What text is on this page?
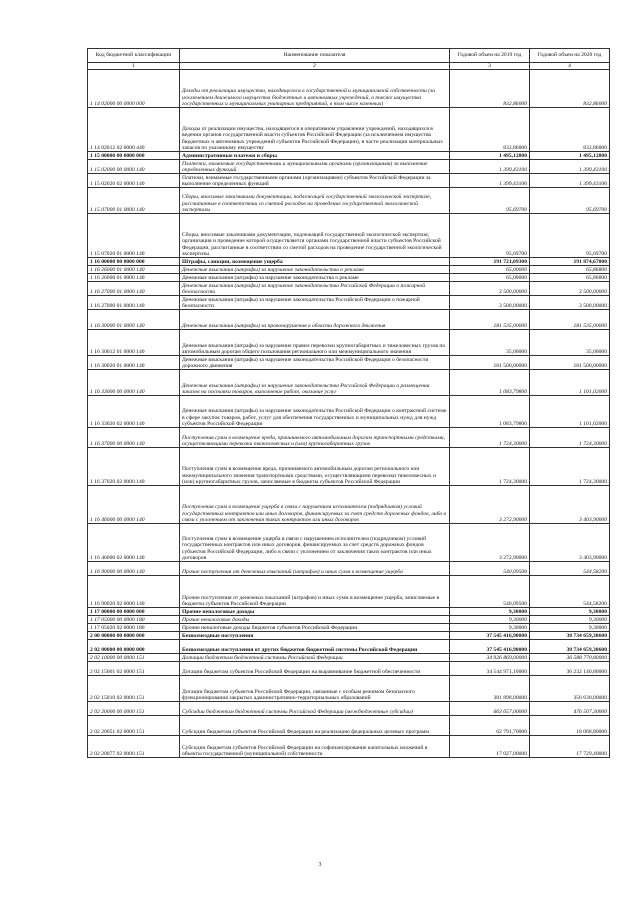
Код бюджетной классификации	Наименование показателя	Годовой объем на 2019 год	Годовой объем на 2020 год
1	2	3	4
1 14 02000 00 0000 000	Доходы от реализации имущества, находящегося в государственной и муниципальной собственности (за исключением движимого имущества бюджетных и автономных учреждений, а также имущества государственных и муниципальных унитарных предприятий, в том числе казенных)	832,86000	832,86000
1 14 02012 02 0000 440	Доходы от реализации имущества, находящегося в оперативном управлении учреждений, находящихся в ведении органов государственной власти субъектов Российской Федерации (за исключением имущества бюджетных и автономных учреждений субъектов Российской Федерации), в части реализации материальных запасов по указанному имуществу	832,86000	832,86000
1 15 00000 00 0000 000	Административные платежи и сборы	1 495,12800	1 495,12800
1 15 02000 00 0000 140	Платежи, взимаемые государственными и муниципальными органами (организациями) за выполнение определенных функций	1 399,43100	1 399,43100
1 15 02020 02 0000 140	Платежи, взимаемые государственными органами (организациями) субъектов Российской Федерации за выполнение определенных функций	1 399,43100	1 399,43100
1 15 07000 01 0000 140	Сборы, вносимые заказчиками документации, подлежащей государственной экологической экспертизе, рассчитанные в соответствии со сметой расходов на проведение государственной экологической экспертизы	95,69700	95,69700
1 15 07020 01 0000 140	Сборы, вносимые заказчиками документации, подлежащей государственной экологической экспертизе, организация и проведение которой осуществляется органами государственной власти субъектов Российской Федерации, рассчитанные в соответствии со сметой расходов на проведение государственной экологической экспертизы	95,69700	95,69700
1 16 00000 00 0000 000	Штрафы, санкции, возмещение ущерба	191 721,09300	191 874,67000
1 16 26000 01 0000 140	Денежные взыскания (штрафы) за нарушение законодательства о рекламе	65,00000	65,86800
1 16 26000 01 0000 140	Денежные взыскания (штрафы) за нарушение законодательства о рекламе	65,00000	65,86800
1 16 27000 01 0000 140	Денежные взыскания (штрафы) за нарушение законодательства Российской Федерации о пожарной безопасности	3 500,00000	3 500,00000
1 16 27000 01 0000 140	Денежные взыскания (штрафы) за нарушение законодательства Российской Федерации о пожарной безопасности	3 500,00000	3 500,00000
1 16 30000 01 0000 140	Денежные взыскания (штрафы) за правонарушения в области дорожного движения	181 535,00000	181 535,00000
1 16 30012 01 0000 140	Денежные взыскания (штрафы) за нарушение правил перевозки крупногабаритных и тяжеловесных грузов по автомобильным дорогам общего пользования регионального или межмуниципального значения	35,00000	35,00000
1 16 30020 01 0000 140	Денежные взыскания (штрафы) за нарушение законодательства Российской Федерации о безопасности дорожного движения	181 500,00000	181 500,00000
1 16 33000 00 0000 140	Денежные взыскания (штрафы) за нарушение законодательства Российской Федерации о размещении заказов на поставки товаров, выполнение работ, оказание услуг	1 083,79800	1 101,02000
1 16 33020 02 0000 140	Денежные взыскания (штрафы) за нарушение законодательства Российской Федерации о контрактной системе в сфере закупок товаров, работ, услуг для обеспечения государственных и муниципальных нужд для нужд субъектов Российской Федерации	1 083,79800	1 101,02000
1 16 37000 00 0000 140	Поступления сумм в возмещение вреда, причиняемого автомобильным дорогам транспортными средствами, осуществляющими перевозки тяжеловесных и (или) крупногабаритных грузов	1 724,30000	1 724,30000
1 16 37020 02 0000 140	Поступления сумм в возмещение вреда, причиняемого автомобильным дорогам регионального или межмуниципального значения транспортными средствами, осуществляющими перевозки тяжеловесных и (или) крупногабаритных грузов, зачисляемые в бюджеты субъектов Российской Федерации	1 724,30000	1 724,30000
1 16 46000 00 0000 140	Поступления сумм в возмещение ущерба в связи с нарушением исполнителем (подрядчиком) условий государственных контрактов или иных договоров, финансируемых за счет средств дорожных фондов, либо в связи с уклонением от заключения таких контрактов или иных договоров	3 272,90000	3 403,90000
1 16 46000 02 0000 140	Поступления сумм в возмещение ущерба в связи с нарушением исполнителем (подрядчиком) условий государственных контрактов или иных договоров, финансируемых за счет средств дорожных фондов субъектов Российской Федерации, либо в связи с уклонением от заключения таких контрактов или иных договоров	3 272,90000	3 403,90000
1 16 90000 00 0000 140	Прочие поступления от денежных взысканий (штрафов) и иных сумм в возмещение ущерба	540,09500	544,58200
1 16 90020 02 0000 140	Прочие поступления от денежных взысканий (штрафов) и иных сумм в возмещение ущерба, зачисляемые в бюджеты субъектов Российской Федерации	540,09500	544,58200
1 17 00000 00 0000 000	Прочие неналоговые доходы	9,30000	9,30000
1 17 05000 00 0000 180	Прочие неналоговые доходы	9,30000	9,30000
1 17 05020 02 0000 180	Прочие неналоговые доходы бюджетов субъектов Российской Федерации	9,30000	9,30000
2 00 00000 00 0000 000	Безвозмездные поступления	37 545 416,90000	38 734 659,30600
2 02 00000 00 0000 000	Безвозмездные поступления от других бюджетов бюджетной системы Российской Федерации	37 545 416,90000	38 734 659,30600
2 02 10000 00 0000 151	Дотации бюджетам бюджетной системы Российской Федерации	34 926 869,00000	36 588 770,80000
2 02 15001 02 0000 151	Дотации бюджетам субъектов Российской Федерации на выравнивание бюджетной обеспеченности	34 544 971,10000	36 232 140,80000
2 02 15010 02 0000 151	Дотации бюджетам субъектов Российской Федерации, связанные с особым режимом безопасного функционирования закрытых административно-территориальных образований	381 898,00000	356 630,00000
2 02 20000 00 0000 151	Субсидии бюджетам бюджетной системы Российской Федерации (межбюджетные субсидии)	663 657,00000	476 507,30000
2 02 20051 02 0000 151	Субсидии бюджетам субъектов Российской Федерации на реализацию федеральных целевых программ	62 791,70000	18 068,80000
2 02 20077 02 0000 151	Субсидии бюджетам субъектов Российской Федерации на софинансирование капитальных вложений в объекты государственной (муниципальной) собственности	17 027,00000	17 729,40000
3
